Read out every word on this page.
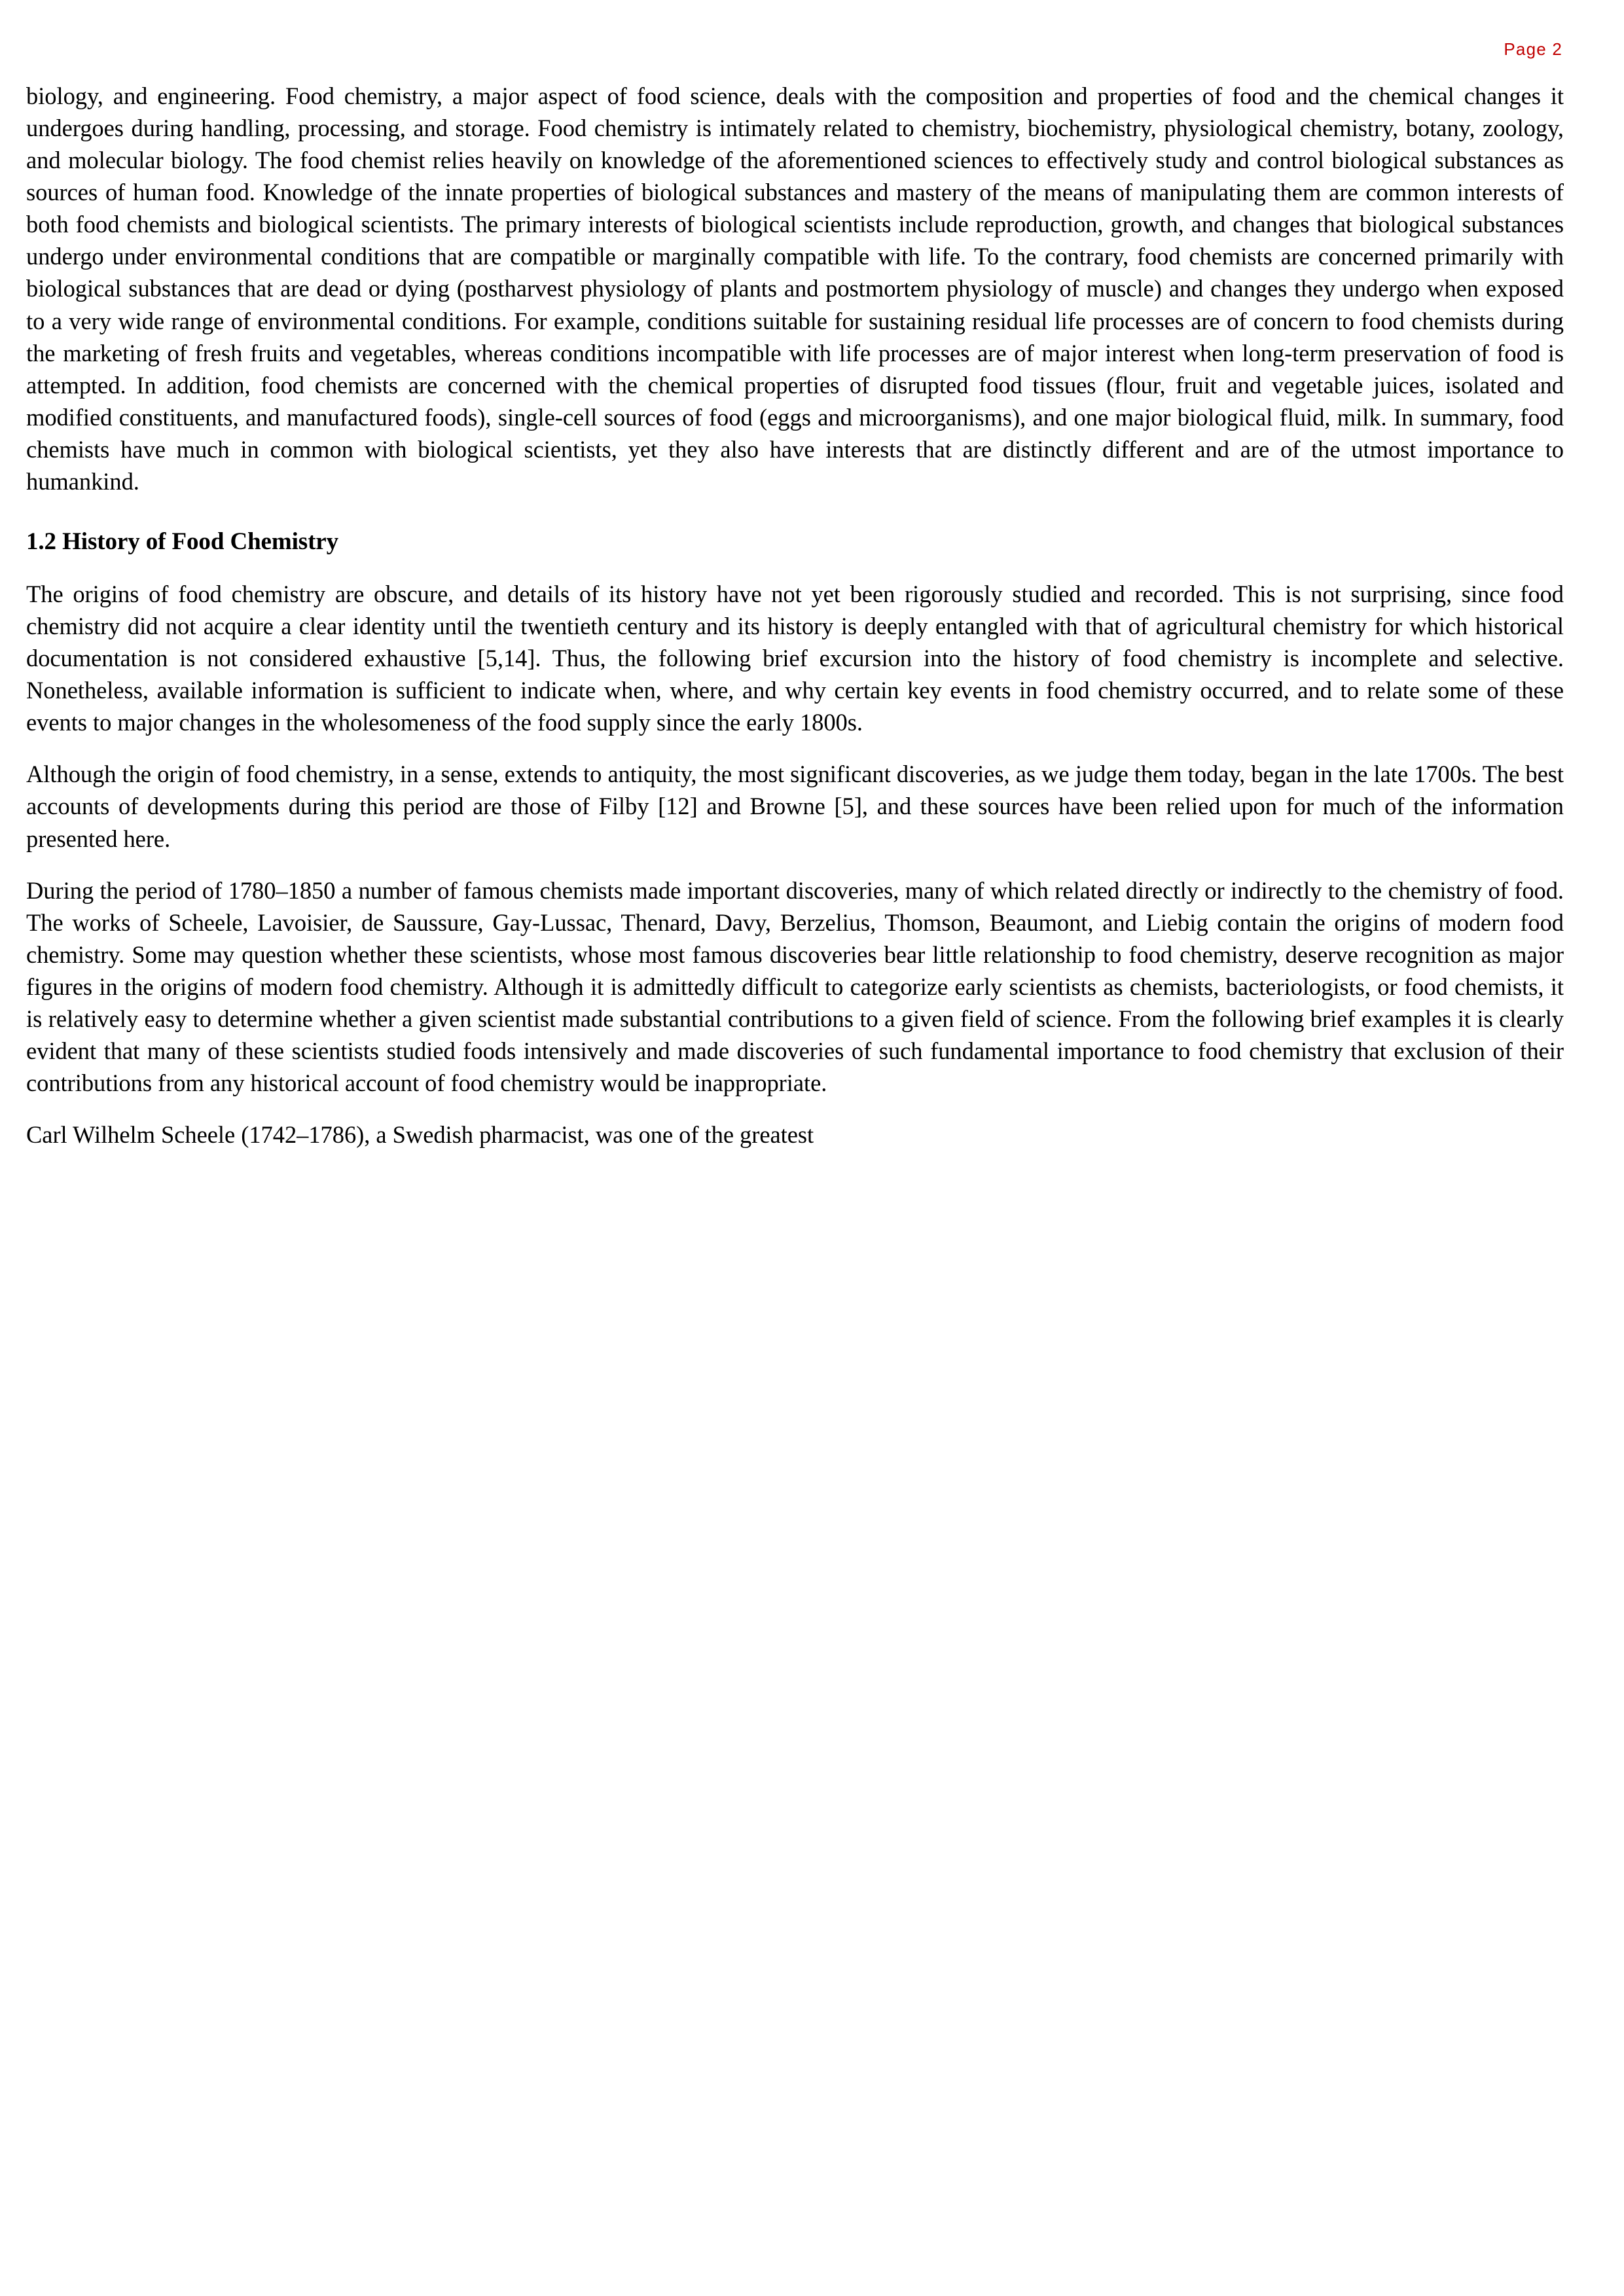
Page 2

biology, and engineering. Food chemistry, a major aspect of food science, deals with the composition and properties of food and the chemical changes it undergoes during handling, processing, and storage. Food chemistry is intimately related to chemistry, biochemistry, physiological chemistry, botany, zoology, and molecular biology. The food chemist relies heavily on knowledge of the aforementioned sciences to effectively study and control biological substances as sources of human food. Knowledge of the innate properties of biological substances and mastery of the means of manipulating them are common interests of both food chemists and biological scientists. The primary interests of biological scientists include reproduction, growth, and changes that biological substances undergo under environmental conditions that are compatible or marginally compatible with life. To the contrary, food chemists are concerned primarily with biological substances that are dead or dying (postharvest physiology of plants and postmortem physiology of muscle) and changes they undergo when exposed to a very wide range of environmental conditions. For example, conditions suitable for sustaining residual life processes are of concern to food chemists during the marketing of fresh fruits and vegetables, whereas conditions incompatible with life processes are of major interest when long-term preservation of food is attempted. In addition, food chemists are concerned with the chemical properties of disrupted food tissues (flour, fruit and vegetable juices, isolated and modified constituents, and manufactured foods), single-cell sources of food (eggs and microorganisms), and one major biological fluid, milk. In summary, food chemists have much in common with biological scientists, yet they also have interests that are distinctly different and are of the utmost importance to humankind.

1.2 History of Food Chemistry

The origins of food chemistry are obscure, and details of its history have not yet been rigorously studied and recorded. This is not surprising, since food chemistry did not acquire a clear identity until the twentieth century and its history is deeply entangled with that of agricultural chemistry for which historical documentation is not considered exhaustive [5,14]. Thus, the following brief excursion into the history of food chemistry is incomplete and selective. Nonetheless, available information is sufficient to indicate when, where, and why certain key events in food chemistry occurred, and to relate some of these events to major changes in the wholesomeness of the food supply since the early 1800s.

Although the origin of food chemistry, in a sense, extends to antiquity, the most significant discoveries, as we judge them today, began in the late 1700s. The best accounts of developments during this period are those of Filby [12] and Browne [5], and these sources have been relied upon for much of the information presented here.

During the period of 1780–1850 a number of famous chemists made important discoveries, many of which related directly or indirectly to the chemistry of food. The works of Scheele, Lavoisier, de Saussure, Gay-Lussac, Thenard, Davy, Berzelius, Thomson, Beaumont, and Liebig contain the origins of modern food chemistry. Some may question whether these scientists, whose most famous discoveries bear little relationship to food chemistry, deserve recognition as major figures in the origins of modern food chemistry. Although it is admittedly difficult to categorize early scientists as chemists, bacteriologists, or food chemists, it is relatively easy to determine whether a given scientist made substantial contributions to a given field of science. From the following brief examples it is clearly evident that many of these scientists studied foods intensively and made discoveries of such fundamental importance to food chemistry that exclusion of their contributions from any historical account of food chemistry would be inappropriate.

Carl Wilhelm Scheele (1742–1786), a Swedish pharmacist, was one of the greatest
